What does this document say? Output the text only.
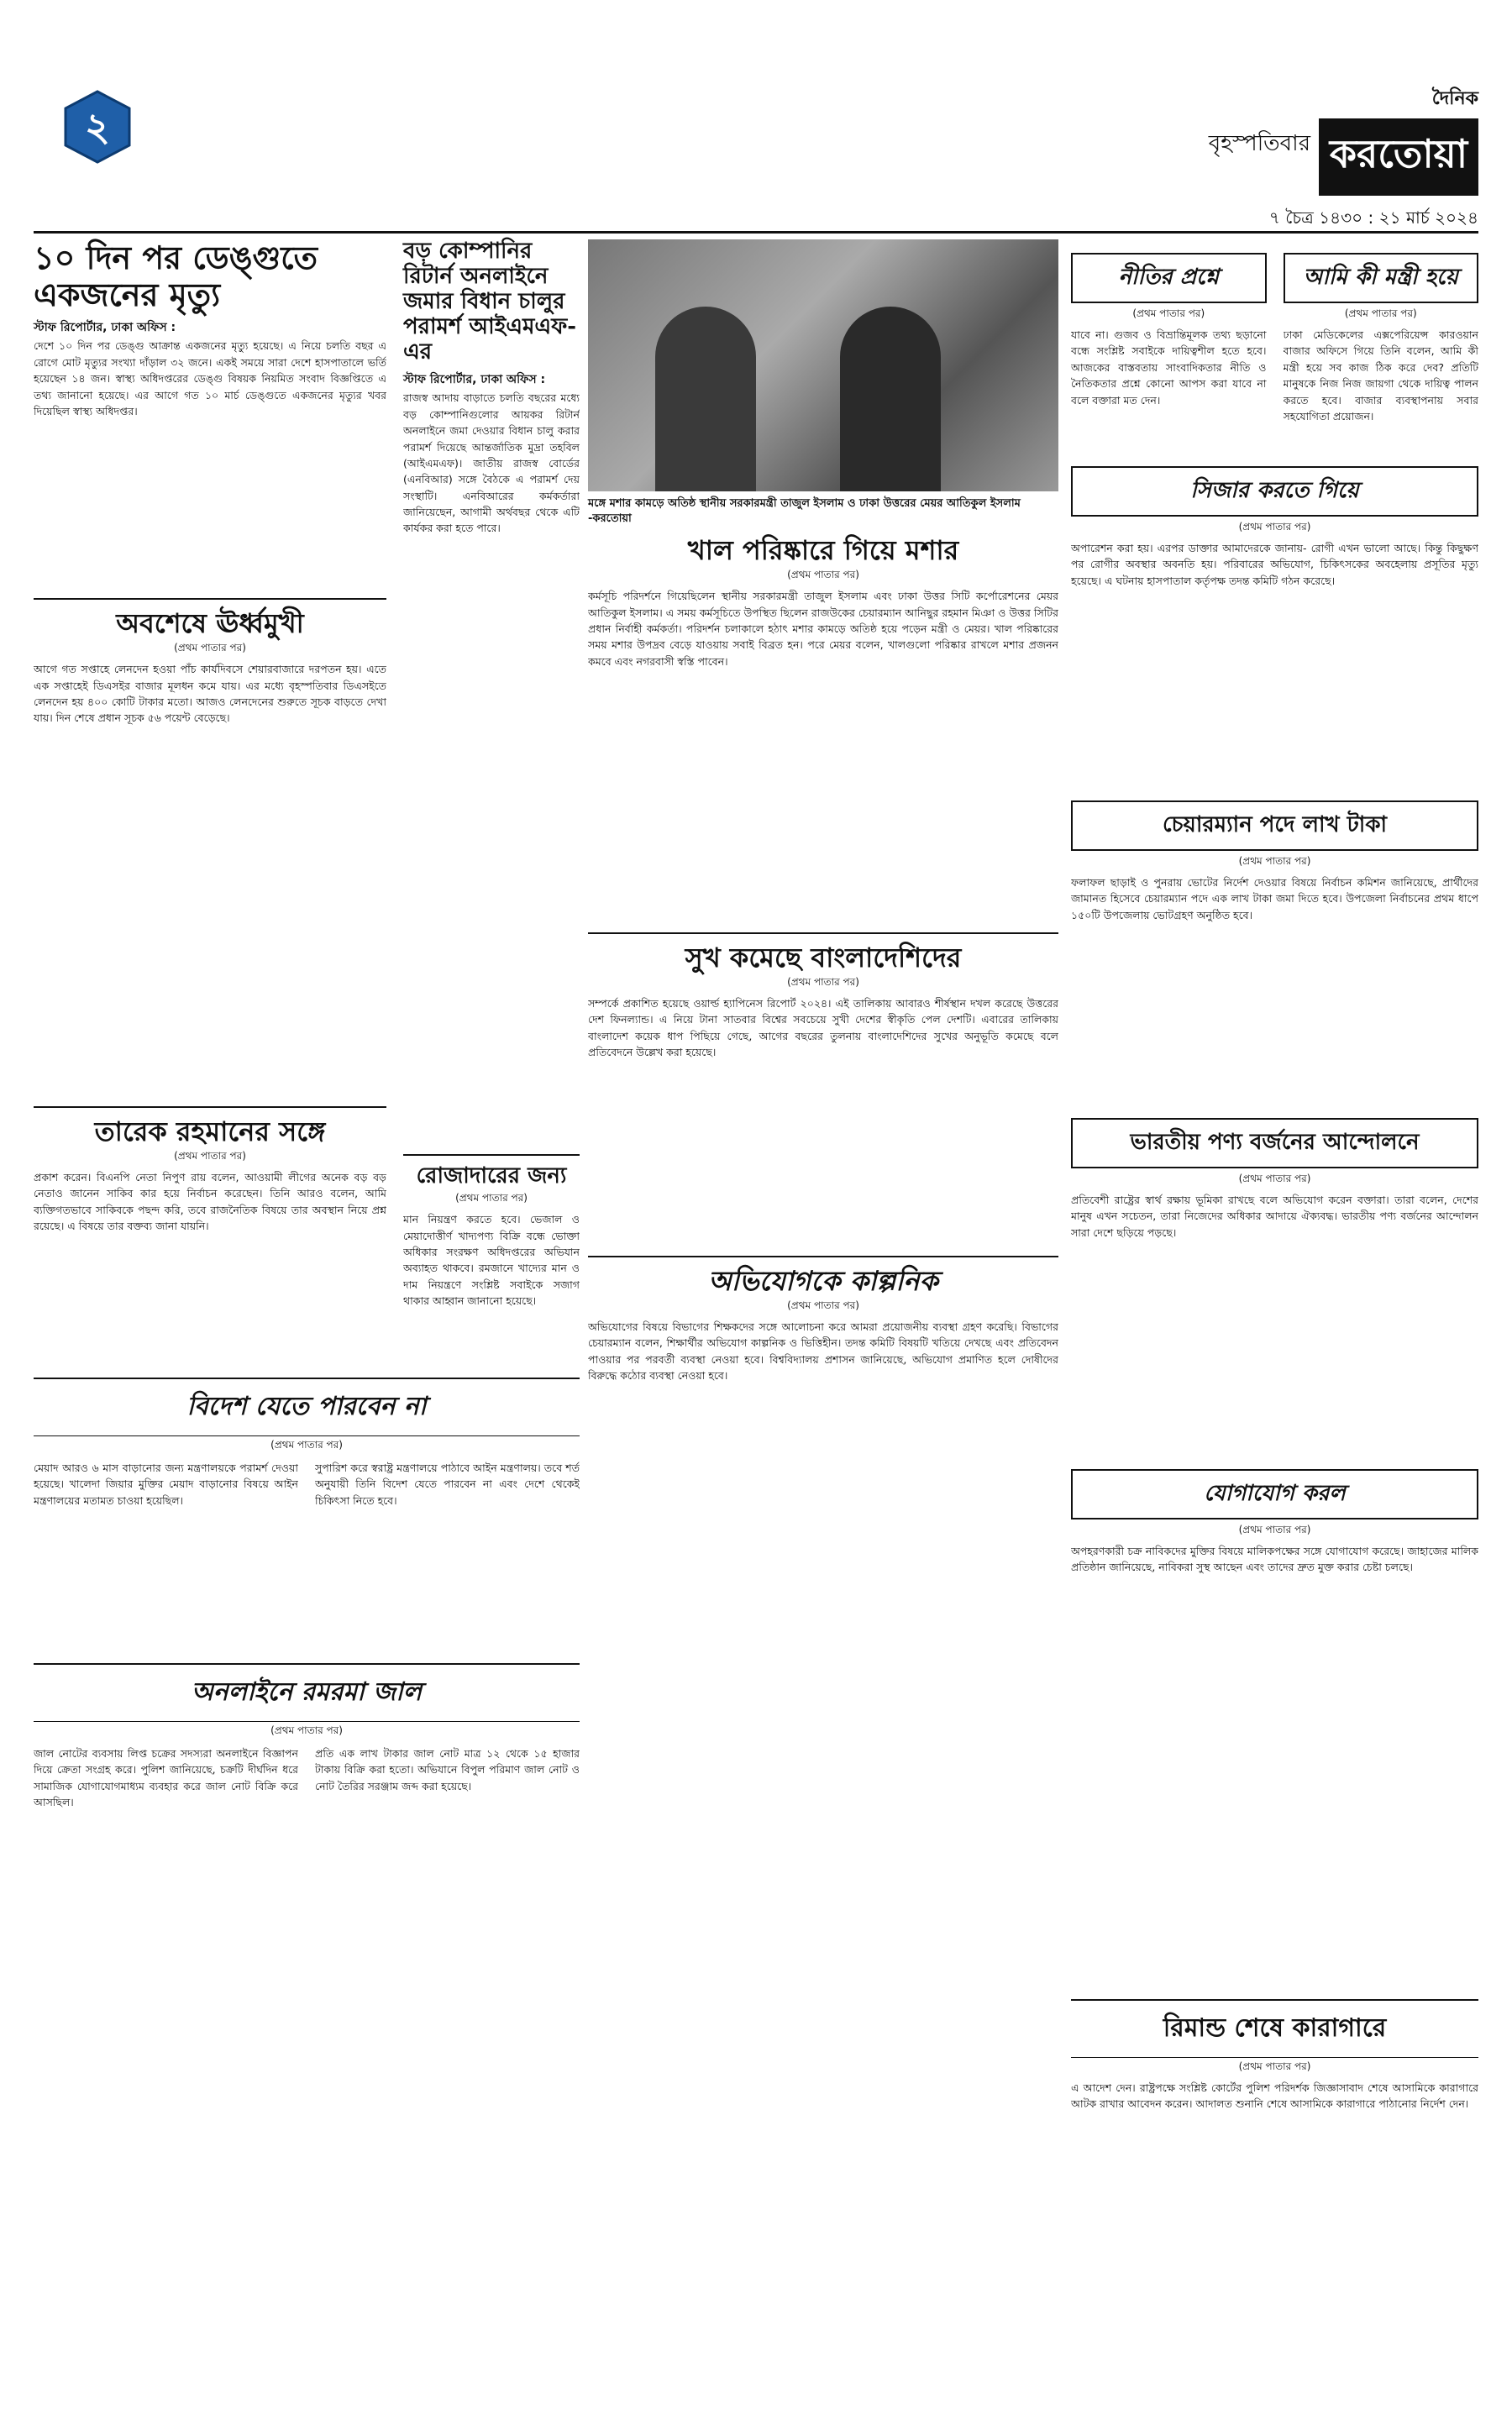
২	বৃহস্পতিবার
দৈনিক
করতোয়া
৭ চৈত্র ১৪৩০ : ২১ মার্চ ২০২৪
১০ দিন পর ডেঙ্গুতে একজনের মৃত্যু
স্টাফ রিপোর্টার, ঢাকা অফিস :
দেশে ১০ দিন পর ডেঙ্গু আক্রান্ত একজনের মৃত্যু হয়েছে। এ নিয়ে চলতি বছর এ রোগে মোট মৃত্যুর সংখ্যা দাঁড়াল ৩২ জনে। একই সময়ে সারা দেশে হাসপাতালে ভর্তি হয়েছেন ১৪ জন। স্বাস্থ্য অধিদপ্তরের ডেঙ্গু বিষয়ক নিয়মিত সংবাদ বিজ্ঞপ্তিতে এ তথ্য জানানো হয়েছে। এর আগে গত ১০ মার্চ ডেঙ্গুতে একজনের মৃত্যুর খবর দিয়েছিল স্বাস্থ্য অধিদপ্তর।
অবশেষে ঊর্ধ্বমুখী
(প্রথম পাতার পর)
আগে গত সপ্তাহে লেনদেন হওয়া পাঁচ কার্যদিবসে শেয়ারবাজারে দরপতন হয়। এতে এক সপ্তাহেই ডিএসইর বাজার মূলধন কমে যায়। এর মধ্যে বৃহস্পতিবার ডিএসইতে লেনদেন হয় ৪০০ কোটি টাকার মতো। আজও লেনদেনের শুরুতে সূচক বাড়তে দেখা যায়। দিন শেষে প্রধান সূচক ৫৬ পয়েন্ট বেড়েছে।
তারেক রহমানের সঙ্গে
(প্রথম পাতার পর)
প্রকাশ করেন। বিএনপি নেতা নিপুণ রায় বলেন, আওয়ামী লীগের অনেক বড় বড় নেতাও জানেন সাকিব কার হয়ে নির্বাচন করেছেন। তিনি আরও বলেন, আমি ব্যক্তিগতভাবে সাকিবকে পছন্দ করি, তবে রাজনৈতিক বিষয়ে তার অবস্থান নিয়ে প্রশ্ন রয়েছে। এ বিষয়ে তার বক্তব্য জানা যায়নি।
বড় কোম্পানির রিটার্ন অনলাইনে জমার বিধান চালুর পরামর্শ আইএমএফ-এর
স্টাফ রিপোর্টার, ঢাকা অফিস :
রাজস্ব আদায় বাড়াতে চলতি বছরের মধ্যে বড় কোম্পানিগুলোর আয়কর রিটার্ন অনলাইনে জমা দেওয়ার বিধান চালু করার পরামর্শ দিয়েছে আন্তর্জাতিক মুদ্রা তহবিল (আইএমএফ)। জাতীয় রাজস্ব বোর্ডের (এনবিআর) সঙ্গে বৈঠকে এ পরামর্শ দেয় সংস্থাটি। এনবিআরের কর্মকর্তারা জানিয়েছেন, আগামী অর্থবছর থেকে এটি কার্যকর করা হতে পারে।
রোজাদারের জন্য
(প্রথম পাতার পর)
মান নিয়ন্ত্রণ করতে হবে। ভেজাল ও মেয়াদোত্তীর্ণ খাদ্যপণ্য বিক্রি বন্ধে ভোক্তা অধিকার সংরক্ষণ অধিদপ্তরের অভিযান অব্যাহত থাকবে। রমজানে খাদ্যের মান ও দাম নিয়ন্ত্রণে সংশ্লিষ্ট সবাইকে সজাগ থাকার আহ্বান জানানো হয়েছে।
মঙ্গে মশার কামড়ে অতিষ্ঠ স্থানীয় সরকারমন্ত্রী তাজুল ইসলাম ও ঢাকা উত্তরের মেয়র আতিকুল ইসলাম -করতোয়া
খাল পরিষ্কারে গিয়ে মশার
(প্রথম পাতার পর)
কর্মসূচি পরিদর্শনে গিয়েছিলেন স্থানীয় সরকারমন্ত্রী তাজুল ইসলাম এবং ঢাকা উত্তর সিটি কর্পোরেশনের মেয়র আতিকুল ইসলাম। এ সময় কর্মসূচিতে উপস্থিত ছিলেন রাজউকের চেয়ারম্যান আনিছুর রহমান মিঞা ও উত্তর সিটির প্রধান নির্বাহী কর্মকর্তা। পরিদর্শন চলাকালে হঠাৎ মশার কামড়ে অতিষ্ঠ হয়ে পড়েন মন্ত্রী ও মেয়র। খাল পরিষ্কারের সময় মশার উপদ্রব বেড়ে যাওয়ায় সবাই বিব্রত হন। পরে মেয়র বলেন, খালগুলো পরিষ্কার রাখলে মশার প্রজনন কমবে এবং নগরবাসী স্বস্তি পাবেন।
সুখ কমেছে বাংলাদেশিদের
(প্রথম পাতার পর)
সম্পর্কে প্রকাশিত হয়েছে ওয়ার্ল্ড হ্যাপিনেস রিপোর্ট ২০২৪। এই তালিকায় আবারও শীর্ষস্থান দখল করেছে উত্তরের দেশ ফিনল্যান্ড। এ নিয়ে টানা সাতবার বিশ্বের সবচেয়ে সুখী দেশের স্বীকৃতি পেল দেশটি। এবারের তালিকায় বাংলাদেশ কয়েক ধাপ পিছিয়ে গেছে, আগের বছরের তুলনায় বাংলাদেশিদের সুখের অনুভূতি কমেছে বলে প্রতিবেদনে উল্লেখ করা হয়েছে।
অভিযোগকে কাল্পনিক
(প্রথম পাতার পর)
অভিযোগের বিষয়ে বিভাগের শিক্ষকদের সঙ্গে আলোচনা করে আমরা প্রয়োজনীয় ব্যবস্থা গ্রহণ করেছি। বিভাগের চেয়ারম্যান বলেন, শিক্ষার্থীর অভিযোগ কাল্পনিক ও ভিত্তিহীন। তদন্ত কমিটি বিষয়টি খতিয়ে দেখছে এবং প্রতিবেদন পাওয়ার পর পরবর্তী ব্যবস্থা নেওয়া হবে। বিশ্ববিদ্যালয় প্রশাসন জানিয়েছে, অভিযোগ প্রমাণিত হলে দোষীদের বিরুদ্ধে কঠোর ব্যবস্থা নেওয়া হবে।
নীতির প্রশ্নে
(প্রথম পাতার পর)
যাবে না। গুজব ও বিভ্রান্তিমূলক তথ্য ছড়ানো বন্ধে সংশ্লিষ্ট সবাইকে দায়িত্বশীল হতে হবে। আজকের বাস্তবতায় সাংবাদিকতার নীতি ও নৈতিকতার প্রশ্নে কোনো আপস করা যাবে না বলে বক্তারা মত দেন।
আমি কী মন্ত্রী হয়ে
(প্রথম পাতার পর)
ঢাকা মেডিকেলের এক্সপেরিয়েন্স কারওয়ান বাজার অফিসে গিয়ে তিনি বলেন, আমি কী মন্ত্রী হয়ে সব কাজ ঠিক করে দেব? প্রতিটি মানুষকে নিজ নিজ জায়গা থেকে দায়িত্ব পালন করতে হবে। বাজার ব্যবস্থাপনায় সবার সহযোগিতা প্রয়োজন।
সিজার করতে গিয়ে
(প্রথম পাতার পর)
অপারেশন করা হয়। এরপর ডাক্তার আমাদেরকে জানায়- রোগী এখন ভালো আছে। কিন্তু কিছুক্ষণ পর রোগীর অবস্থার অবনতি হয়। পরিবারের অভিযোগ, চিকিৎসকের অবহেলায় প্রসূতির মৃত্যু হয়েছে। এ ঘটনায় হাসপাতাল কর্তৃপক্ষ তদন্ত কমিটি গঠন করেছে।
চেয়ারম্যান পদে লাখ টাকা
(প্রথম পাতার পর)
ফলাফল ছাড়াই ও পুনরায় ভোটের নির্দেশ দেওয়ার বিষয়ে নির্বাচন কমিশন জানিয়েছে, প্রার্থীদের জামানত হিসেবে চেয়ারম্যান পদে এক লাখ টাকা জমা দিতে হবে। উপজেলা নির্বাচনের প্রথম ধাপে ১৫০টি উপজেলায় ভোটগ্রহণ অনুষ্ঠিত হবে।
ভারতীয় পণ্য বর্জনের আন্দোলনে
(প্রথম পাতার পর)
প্রতিবেশী রাষ্ট্রের স্বার্থ রক্ষায় ভূমিকা রাখছে বলে অভিযোগ করেন বক্তারা। তারা বলেন, দেশের মানুষ এখন সচেতন, তারা নিজেদের অধিকার আদায়ে ঐক্যবদ্ধ। ভারতীয় পণ্য বর্জনের আন্দোলন সারা দেশে ছড়িয়ে পড়ছে।
যোগাযোগ করল
(প্রথম পাতার পর)
অপহরণকারী চক্র নাবিকদের মুক্তির বিষয়ে মালিকপক্ষের সঙ্গে যোগাযোগ করেছে। জাহাজের মালিক প্রতিষ্ঠান জানিয়েছে, নাবিকরা সুস্থ আছেন এবং তাদের দ্রুত মুক্ত করার চেষ্টা চলছে।
বিদেশ যেতে পারবেন না
(প্রথম পাতার পর)
মেয়াদ আরও ৬ মাস বাড়ানোর জন্য মন্ত্রণালয়কে পরামর্শ দেওয়া হয়েছে। খালেদা জিয়ার মুক্তির মেয়াদ বাড়ানোর বিষয়ে আইন মন্ত্রণালয়ের মতামত চাওয়া হয়েছিল।
সুপারিশ করে স্বরাষ্ট্র মন্ত্রণালয়ে পাঠাবে আইন মন্ত্রণালয়। তবে শর্ত অনুযায়ী তিনি বিদেশ যেতে পারবেন না এবং দেশে থেকেই চিকিৎসা নিতে হবে।
অনলাইনে রমরমা জাল
(প্রথম পাতার পর)
জাল নোটের ব্যবসায় লিপ্ত চক্রের সদস্যরা অনলাইনে বিজ্ঞাপন দিয়ে ক্রেতা সংগ্রহ করে। পুলিশ জানিয়েছে, চক্রটি দীর্ঘদিন ধরে সামাজিক যোগাযোগমাধ্যম ব্যবহার করে জাল নোট বিক্রি করে আসছিল।
প্রতি এক লাখ টাকার জাল নোট মাত্র ১২ থেকে ১৫ হাজার টাকায় বিক্রি করা হতো। অভিযানে বিপুল পরিমাণ জাল নোট ও নোট তৈরির সরঞ্জাম জব্দ করা হয়েছে।
রিমান্ড শেষে কারাগারে
(প্রথম পাতার পর)
এ আদেশ দেন। রাষ্ট্রপক্ষে সংশ্লিষ্ট কোর্টের পুলিশ পরিদর্শক জিজ্ঞাসাবাদ শেষে আসামিকে কারাগারে আটক রাখার আবেদন করেন। আদালত শুনানি শেষে আসামিকে কারাগারে পাঠানোর নির্দেশ দেন।
